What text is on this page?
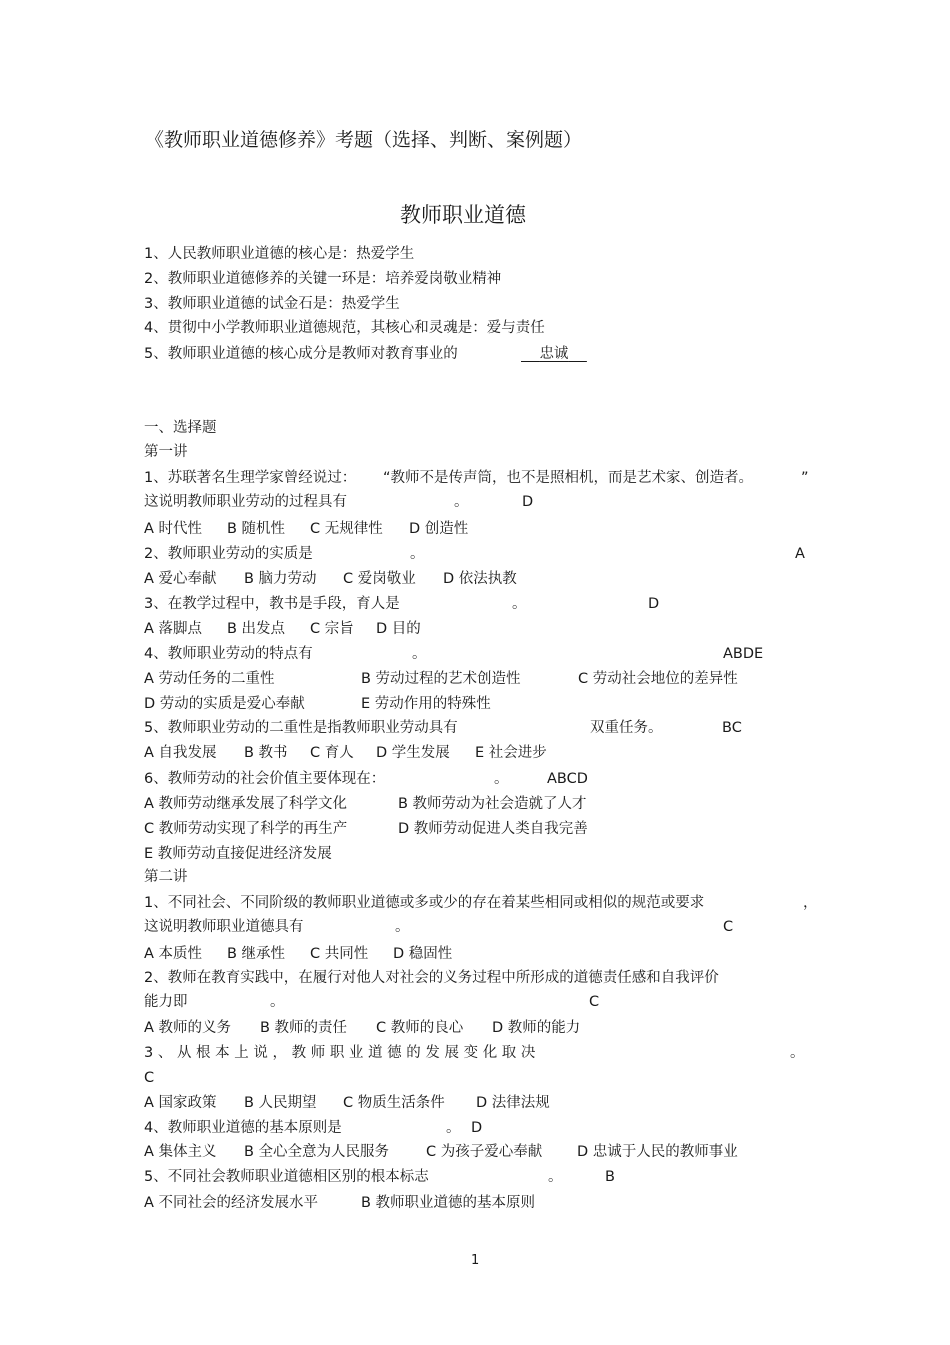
《教师职业道德修养》考题（选择、判断、案例题）
教师职业道德
1、人民教师职业道德的核心是：热爱学生
2、教师职业道德修养的关键一环是：培养爱岗敬业精神
3、教师职业道德的试金石是：热爱学生
4、贯彻中小学教师职业道德规范，其核心和灵魂是：爱与责任
5、教师职业道德的核心成分是教师对教育事业的	忠诚
一、选择题
第一讲
1、苏联著名生理学家曾经说过： “教师不是传声筒，也不是照相机，而是艺术家、创造者。	”
这说明教师职业劳动的过程具有	。	D
A 时代性 B 随机性 C 无规律性 D 创造性
2、教师职业劳动的实质是	。	A
A 爱心奉献 B 脑力劳动 C 爱岗敬业 D 依法执教
3、在教学过程中，教书是手段，育人是	。	D
A 落脚点 B 出发点 C 宗旨 D 目的
4、教师职业劳动的特点有	。	ABDE
A 劳动任务的二重性	B 劳动过程的艺术创造性	C 劳动社会地位的差异性
D 劳动的实质是爱心奉献	E 劳动作用的特殊性
5、教师职业劳动的二重性是指教师职业劳动具有	双重任务。	BC
A 自我发展 B 教书 C 育人 D 学生发展 E 社会进步
6、教师劳动的社会价值主要体现在：	。	ABCD
A 教师劳动继承发展了科学文化	B 教师劳动为社会造就了人才
C 教师劳动实现了科学的再生产	D 教师劳动促进人类自我完善
E 教师劳动直接促进经济发展
第二讲
1、不同社会、不同阶级的教师职业道德或多或少的存在着某些相同或相似的规范或要求	，
这说明教师职业道德具有	。	C
A 本质性 B 继承性 C 共同性 D 稳固性
2、教师在教育实践中，在履行对他人对社会的义务过程中所形成的道德责任感和自我评价
能力即	。	C
A 教师的义务 B 教师的责任 C 教师的良心 D 教师的能力
3 、 从 根 本 上 说 ， 教 师 职 业 道 德 的 发 展 变 化 取 决	。
C
A 国家政策 B 人民期望 C 物质生活条件 D 法律法规
4、教师职业道德的基本原则是	。 D
A 集体主义 B 全心全意为人民服务	C 为孩子爱心奉献 D 忠诚于人民的教师事业
5、不同社会教师职业道德相区别的根本标志	。	B
A 不同社会的经济发展水平	B 教师职业道德的基本原则
1
